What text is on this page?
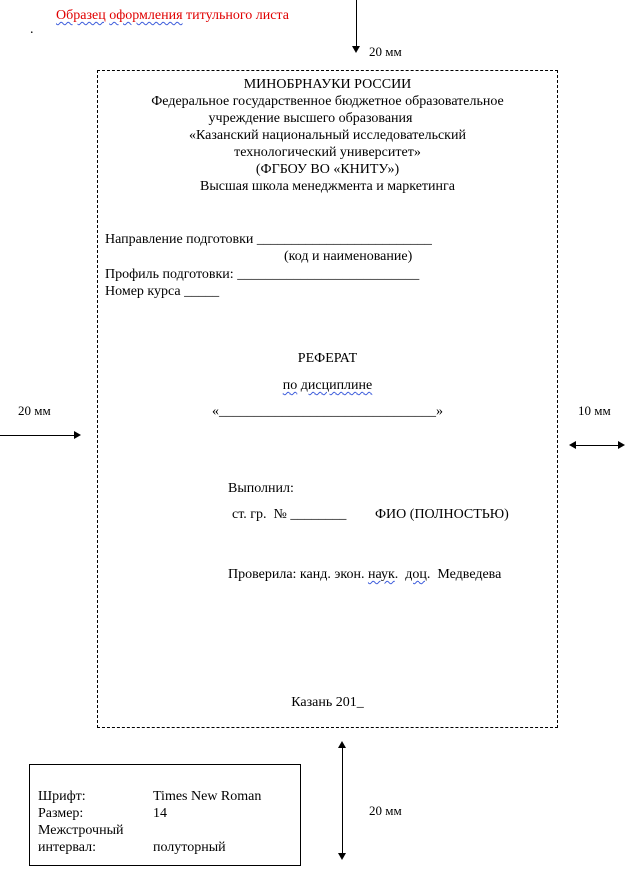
Образец оформления титульного листа
.
20 мм
20 мм	10 мм
МИНОБРНАУКИ РОССИИ
Федеральное государственное бюджетное образовательное
учреждение высшего образования
«Казанский национальный исследовательский
технологический университет»
(ФГБОУ ВО «КНИТУ»)
Высшая школа менеджмента и маркетинга
Направление подготовки _________________________
(код и наименование)
Профиль подготовки: __________________________
Номер курса _____
РЕФЕРАТ
по дисциплине
«_______________________________»
Выполнил:
ст. гр.  № ________ ФИО (ПОЛНОСТЬЮ)
Проверила: канд. экон. наук.  доц.  Медведева
Казань 201_
20 мм
Шрифт:	Times New Roman
Размер:	14
Межстрочный
интервал:	полуторный
